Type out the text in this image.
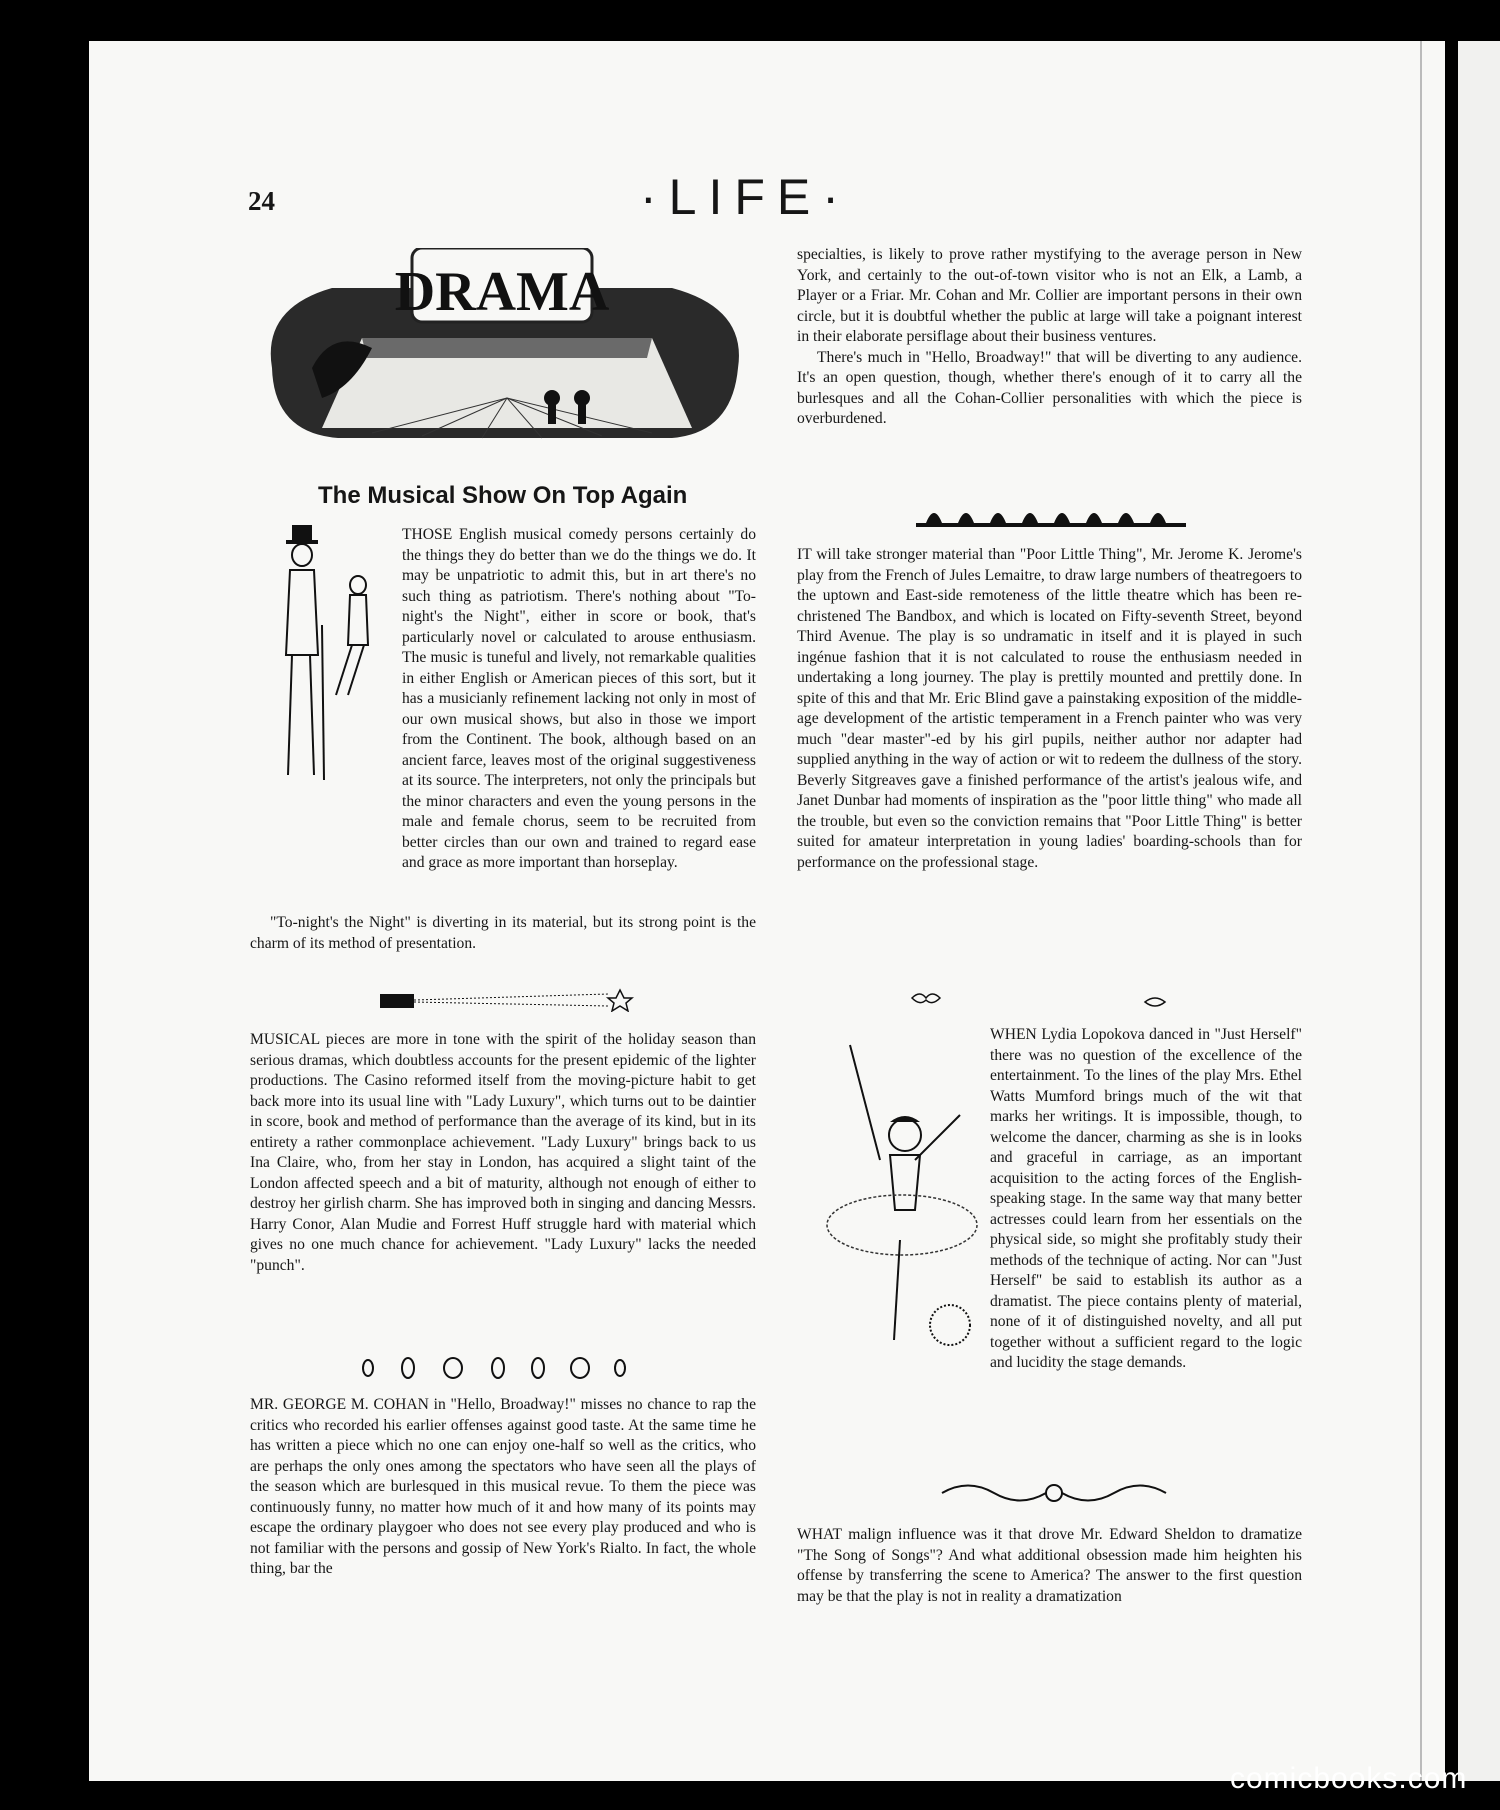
24	·LIFE·
DRAMA
The Musical Show On Top Again

THOSE English musical comedy persons certainly do the things they do better than we do the things we do. It may be unpatriotic to admit this, but in art there's no such thing as patriotism. There's nothing about "To-night's the Night", either in score or book, that's particularly novel or calculated to arouse enthusiasm. The music is tuneful and lively, not remarkable qualities in either English or American pieces of this sort, but it has a musicianly refinement lacking not only in most of our own musical shows, but also in those we import from the Continent. The book, although based on an ancient farce, leaves most of the original suggestiveness at its source. The interpreters, not only the principals but the minor characters and even the young persons in the male and female chorus, seem to be recruited from better circles than our own and trained to regard ease and grace as more important than horseplay.

"To-night's the Night" is diverting in its material, but its strong point is the charm of its method of presentation.

MUSICAL pieces are more in tone with the spirit of the holiday season than serious dramas, which doubtless accounts for the present epidemic of the lighter productions. The Casino reformed itself from the moving-picture habit to get back more into its usual line with "Lady Luxury", which turns out to be daintier in score, book and method of performance than the average of its kind, but in its entirety a rather commonplace achievement. "Lady Luxury" brings back to us Ina Claire, who, from her stay in London, has acquired a slight taint of the London affected speech and a bit of maturity, although not enough of either to destroy her girlish charm. She has improved both in singing and dancing Messrs. Harry Conor, Alan Mudie and Forrest Huff struggle hard with material which gives no one much chance for achievement. "Lady Luxury" lacks the needed "punch".

MR. GEORGE M. COHAN in "Hello, Broadway!" misses no chance to rap the critics who recorded his earlier offenses against good taste. At the same time he has written a piece which no one can enjoy one-half so well as the critics, who are perhaps the only ones among the spectators who have seen all the plays of the season which are burlesqued in this musical revue. To them the piece was continuously funny, no matter how much of it and how many of its points may escape the ordinary playgoer who does not see every play produced and who is not familiar with the persons and gossip of New York's Rialto. In fact, the whole thing, bar the

specialties, is likely to prove rather mystifying to the average person in New York, and certainly to the out-of-town visitor who is not an Elk, a Lamb, a Player or a Friar. Mr. Cohan and Mr. Collier are important persons in their own circle, but it is doubtful whether the public at large will take a poignant interest in their elaborate persiflage about their business ventures.

There's much in "Hello, Broadway!" that will be diverting to any audience. It's an open question, though, whether there's enough of it to carry all the burlesques and all the Cohan-Collier personalities with which the piece is overburdened.

IT will take stronger material than "Poor Little Thing", Mr. Jerome K. Jerome's play from the French of Jules Lemaitre, to draw large numbers of theatregoers to the uptown and East-side remoteness of the little theatre which has been re-christened The Bandbox, and which is located on Fifty-seventh Street, beyond Third Avenue. The play is so undramatic in itself and it is played in such ingénue fashion that it is not calculated to rouse the enthusiasm needed in undertaking a long journey. The play is prettily mounted and prettily done. In spite of this and that Mr. Eric Blind gave a painstaking exposition of the middle-age development of the artistic temperament in a French painter who was very much "dear master"-ed by his girl pupils, neither author nor adapter had supplied anything in the way of action or wit to redeem the dullness of the story. Beverly Sitgreaves gave a finished performance of the artist's jealous wife, and Janet Dunbar had moments of inspiration as the "poor little thing" who made all the trouble, but even so the conviction remains that "Poor Little Thing" is better suited for amateur interpretation in young ladies' boarding-schools than for performance on the professional stage.

WHEN Lydia Lopokova danced in "Just Herself" there was no question of the excellence of the entertainment. To the lines of the play Mrs. Ethel Watts Mumford brings much of the wit that marks her writings. It is impossible, though, to welcome the dancer, charming as she is in looks and graceful in carriage, as an important acquisition to the acting forces of the English-speaking stage. In the same way that many better actresses could learn from her essentials on the physical side, so might she profitably study their methods of the technique of acting. Nor can "Just Herself" be said to establish its author as a dramatist. The piece contains plenty of material, none of it of distinguished novelty, and all put together without a sufficient regard to the logic and lucidity the stage demands.

WHAT malign influence was it that drove Mr. Edward Sheldon to dramatize "The Song of Songs"? And what additional obsession made him heighten his offense by transferring the scene to America? The answer to the first question may be that the play is not in reality a dramatization

comicbooks.com
